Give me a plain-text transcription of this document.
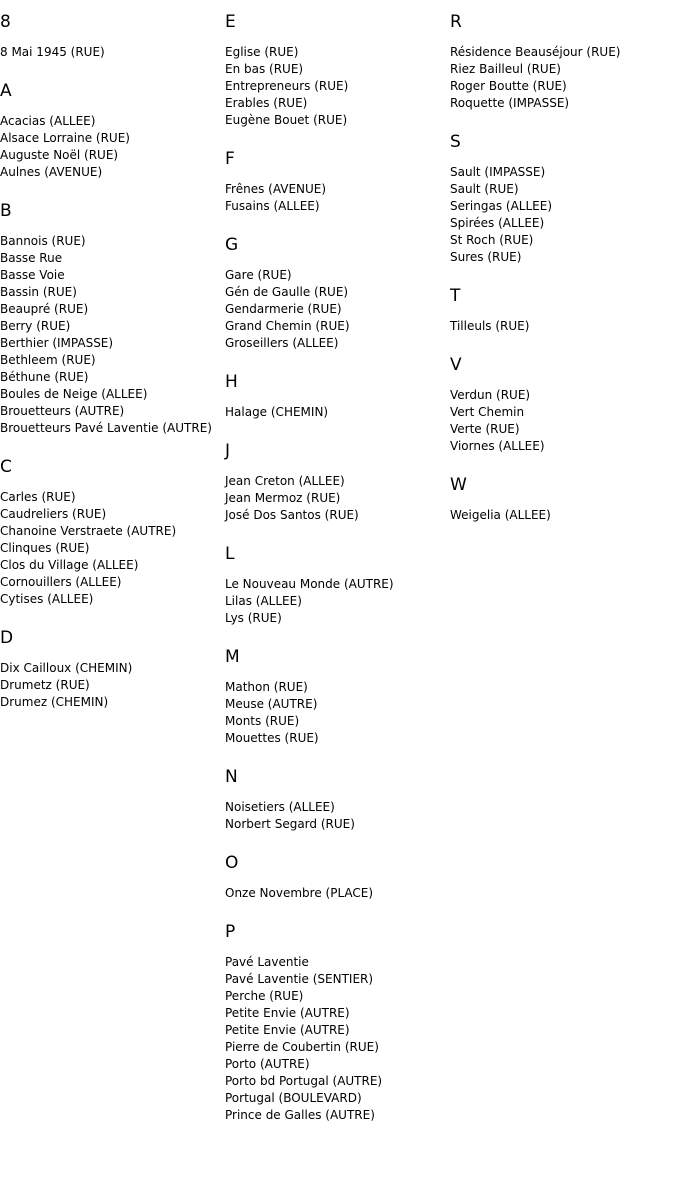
8
8 Mai 1945 (RUE)
A
Acacias (ALLEE)
Alsace Lorraine (RUE)
Auguste Noël (RUE)
Aulnes (AVENUE)
B
Bannois (RUE)
Basse Rue
Basse Voie
Bassin (RUE)
Beaupré (RUE)
Berry (RUE)
Berthier (IMPASSE)
Bethleem (RUE)
Béthune (RUE)
Boules de Neige (ALLEE)
Brouetteurs (AUTRE)
Brouetteurs Pavé Laventie (AUTRE)
C
Carles (RUE)
Caudreliers (RUE)
Chanoine Verstraete (AUTRE)
Clinques (RUE)
Clos du Village (ALLEE)
Cornouillers (ALLEE)
Cytises (ALLEE)
D
Dix Cailloux (CHEMIN)
Drumetz (RUE)
Drumez (CHEMIN)
E
Eglise (RUE)
En bas (RUE)
Entrepreneurs (RUE)
Erables (RUE)
Eugène Bouet (RUE)
F
Frênes (AVENUE)
Fusains (ALLEE)
G
Gare (RUE)
Gén de Gaulle (RUE)
Gendarmerie (RUE)
Grand Chemin (RUE)
Groseillers (ALLEE)
H
Halage (CHEMIN)
J
Jean Creton (ALLEE)
Jean Mermoz (RUE)
José Dos Santos (RUE)
L
Le Nouveau Monde (AUTRE)
Lilas (ALLEE)
Lys (RUE)
M
Mathon (RUE)
Meuse (AUTRE)
Monts (RUE)
Mouettes (RUE)
N
Noisetiers (ALLEE)
Norbert Segard (RUE)
O
Onze Novembre (PLACE)
P
Pavé Laventie
Pavé Laventie (SENTIER)
Perche (RUE)
Petite Envie (AUTRE)
Petite Envie (AUTRE)
Pierre de Coubertin (RUE)
Porto (AUTRE)
Porto bd Portugal (AUTRE)
Portugal (BOULEVARD)
Prince de Galles (AUTRE)
R
Résidence Beauséjour (RUE)
Riez Bailleul (RUE)
Roger Boutte (RUE)
Roquette (IMPASSE)
S
Sault (IMPASSE)
Sault (RUE)
Seringas (ALLEE)
Spirées (ALLEE)
St Roch (RUE)
Sures (RUE)
T
Tilleuls (RUE)
V
Verdun (RUE)
Vert Chemin
Verte (RUE)
Viornes (ALLEE)
W
Weigelia (ALLEE)
